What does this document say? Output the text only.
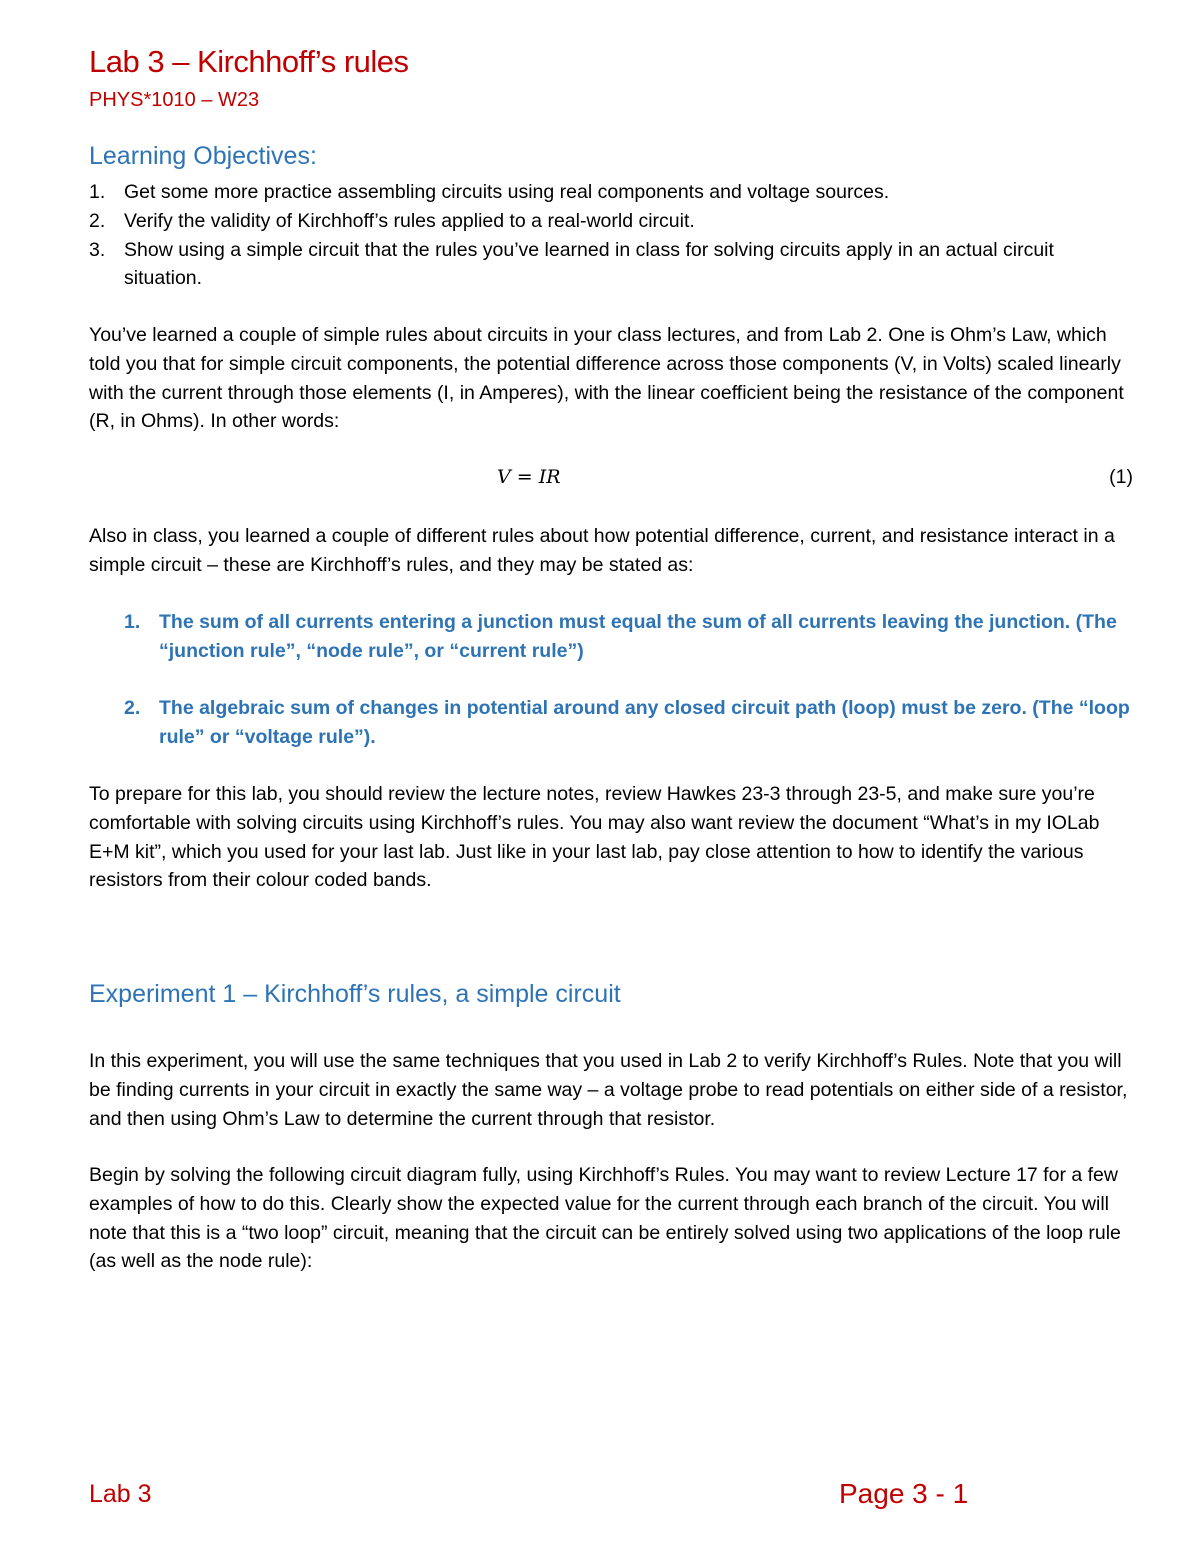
Lab 3 – Kirchhoff’s rules
PHYS*1010 – W23
Learning Objectives:
1. Get some more practice assembling circuits using real components and voltage sources.
2. Verify the validity of Kirchhoff’s rules applied to a real-world circuit.
3. Show using a simple circuit that the rules you’ve learned in class for solving circuits apply in an actual circuit situation.

You’ve learned a couple of simple rules about circuits in your class lectures, and from Lab 2. One is Ohm’s Law, which told you that for simple circuit components, the potential difference across those components (V, in Volts) scaled linearly with the current through those elements (I, in Amperes), with the linear coefficient being the resistance of the component (R, in Ohms). In other words:

V = IR	(1)

Also in class, you learned a couple of different rules about how potential difference, current, and resistance interact in a simple circuit – these are Kirchhoff’s rules, and they may be stated as:

1. The sum of all currents entering a junction must equal the sum of all currents leaving the junction. (The “junction rule”, “node rule”, or “current rule”)
2. The algebraic sum of changes in potential around any closed circuit path (loop) must be zero. (The “loop rule” or “voltage rule”).

To prepare for this lab, you should review the lecture notes, review Hawkes 23-3 through 23-5, and make sure you’re comfortable with solving circuits using Kirchhoff’s rules. You may also want review the document “What’s in my IOLab E+M kit”, which you used for your last lab. Just like in your last lab, pay close attention to how to identify the various resistors from their colour coded bands.

Experiment 1 – Kirchhoff’s rules, a simple circuit

In this experiment, you will use the same techniques that you used in Lab 2 to verify Kirchhoff’s Rules. Note that you will be finding currents in your circuit in exactly the same way – a voltage probe to read potentials on either side of a resistor, and then using Ohm’s Law to determine the current through that resistor.

Begin by solving the following circuit diagram fully, using Kirchhoff’s Rules. You may want to review Lecture 17 for a few examples of how to do this. Clearly show the expected value for the current through each branch of the circuit. You will note that this is a “two loop” circuit, meaning that the circuit can be entirely solved using two applications of the loop rule (as well as the node rule):

Lab 3	Page 3 - 1
